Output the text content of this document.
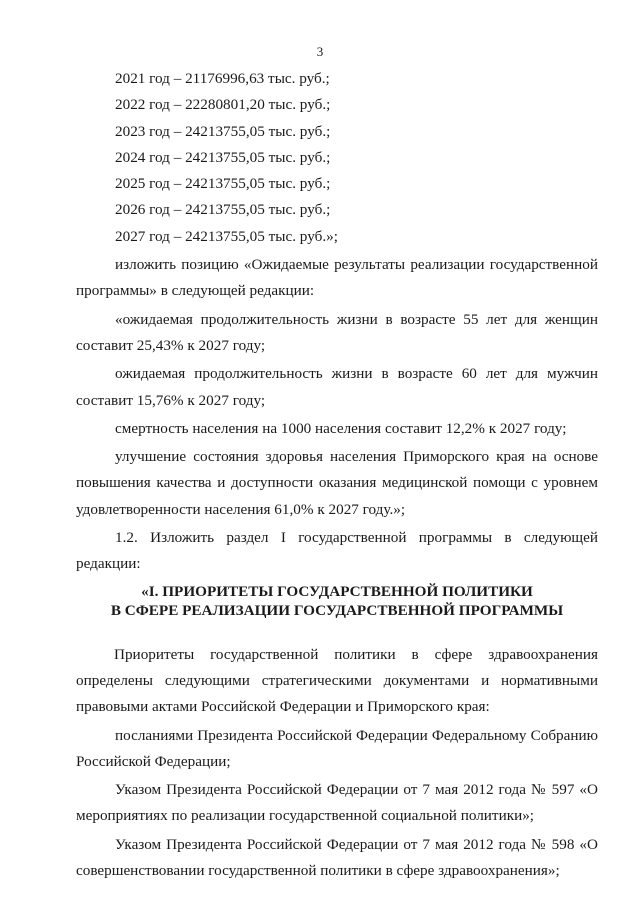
3

2021 год – 21176996,63 тыс. руб.;

2022 год – 22280801,20 тыс. руб.;

2023 год – 24213755,05 тыс. руб.;

2024 год – 24213755,05 тыс. руб.;

2025 год – 24213755,05 тыс. руб.;

2026 год – 24213755,05 тыс. руб.;

2027 год – 24213755,05 тыс. руб.»;

изложить позицию «Ожидаемые результаты реализации государственной программы» в следующей редакции:

«ожидаемая продолжительность жизни в возрасте 55 лет для женщин составит 25,43% к 2027 году;

ожидаемая продолжительность жизни в возрасте 60 лет для мужчин составит 15,76% к 2027 году;

смертность населения на 1000 населения составит 12,2% к 2027 году;

улучшение состояния здоровья населения Приморского края на основе повышения качества и доступности оказания медицинской помощи с уровнем удовлетворенности населения 61,0% к 2027 году.»;

1.2. Изложить раздел I государственной программы в следующей редакции:

«I. ПРИОРИТЕТЫ ГОСУДАРСТВЕННОЙ ПОЛИТИКИ
В СФЕРЕ РЕАЛИЗАЦИИ ГОСУДАРСТВЕННОЙ ПРОГРАММЫ

Приоритеты государственной политики в сфере здравоохранения определены следующими стратегическими документами и нормативными правовыми актами Российской Федерации и Приморского края:

посланиями Президента Российской Федерации Федеральному Собранию Российской Федерации;

Указом Президента Российской Федерации от 7 мая 2012 года № 597 «О мероприятиях по реализации государственной социальной политики»;

Указом Президента Российской Федерации от 7 мая 2012 года № 598 «О совершенствовании государственной политики в сфере здравоохранения»;
